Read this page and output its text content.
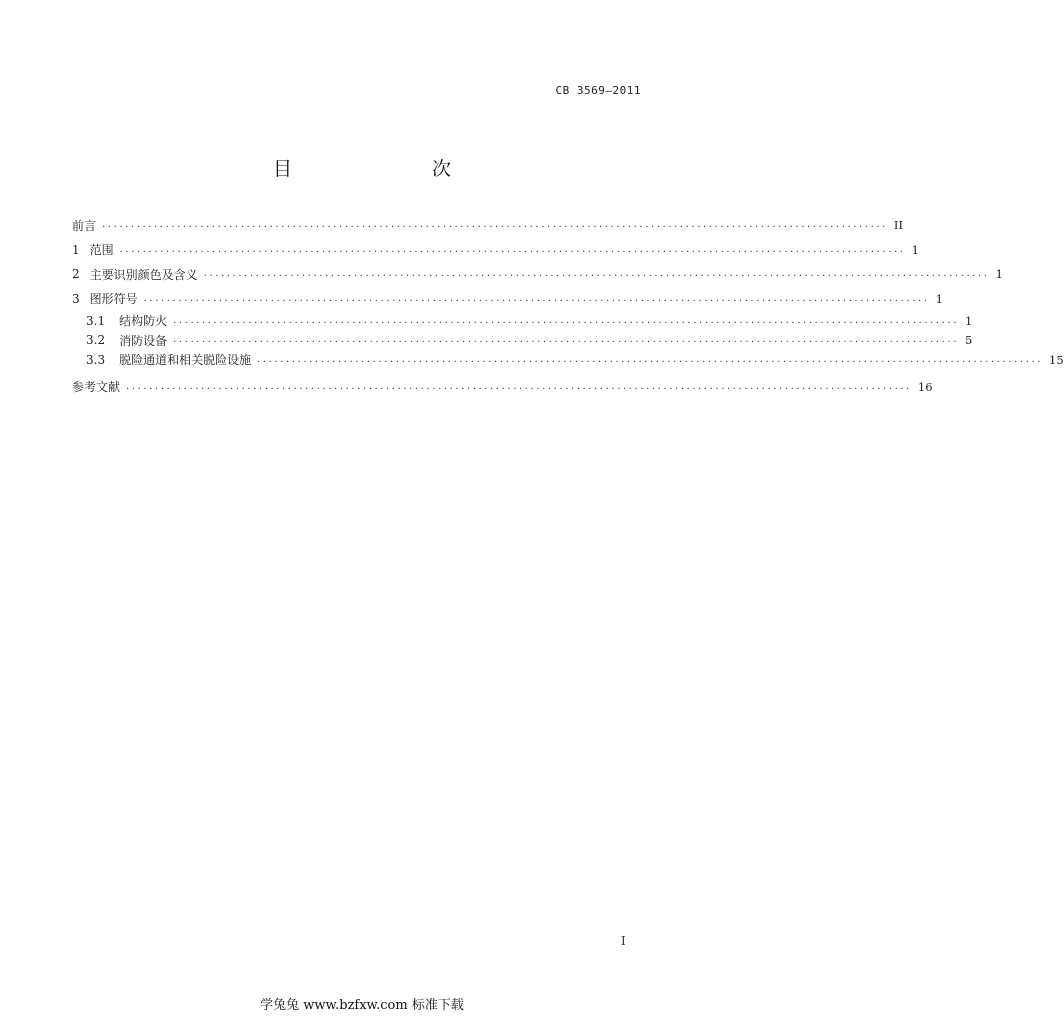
CB 3569—2011
目　　次
前言 ........................................................................................................................................ II
1 范围 ........................................................................................................................................ 1
2 主要识别颜色及含义 ........................................................................................................................................ 1
3 图形符号 ........................................................................................................................................ 1
3.1 结构防火 ........................................................................................................................................ 1
3.2 消防设备 ........................................................................................................................................ 5
3.3 脱险通道和相关脱险设施 ........................................................................................................................................ 15
参考文献 ........................................................................................................................................ 16
I
学兔兔 www.bzfxw.com 标准下载
